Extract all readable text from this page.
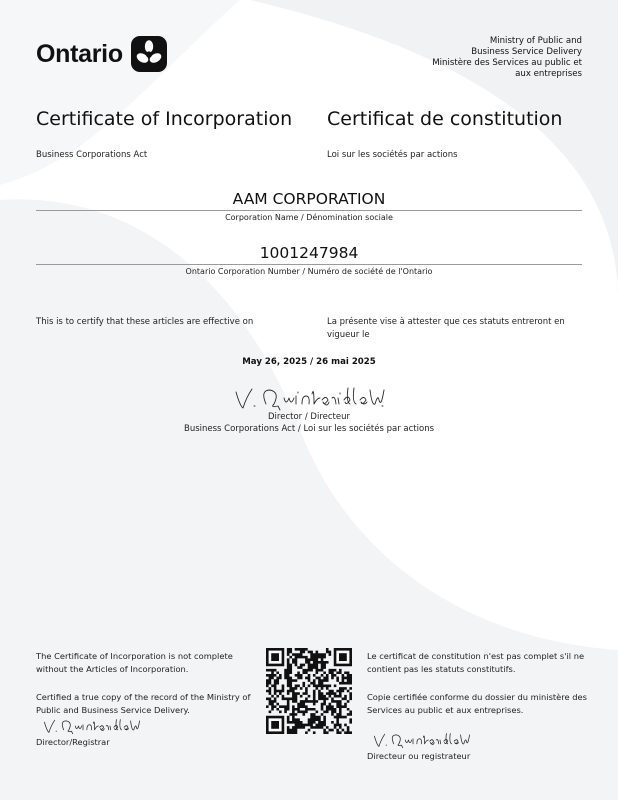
Ontario	Ministry of Public and
Business Service Delivery
Ministère des Services au public et
aux entreprises
Certificate of Incorporation Certificat de constitution
Business Corporations Act	Loi sur les sociétés par actions
AAM CORPORATION
Corporation Name / Dénomination sociale
1001247984
Ontario Corporation Number / Numéro de société de l'Ontario
This is to certify that these articles are effective on	La présente vise à attester que ces statuts entreront en vigueur le
May 26, 2025 / 26 mai 2025
Director / Directeur
Business Corporations Act / Loi sur les sociétés par actions
The Certificate of Incorporation is not complete without the Articles of Incorporation.
Certified a true copy of the record of the Ministry of Public and Business Service Delivery.
Director/Registrar
Le certificat de constitution n'est pas complet s'il ne contient pas les statuts constitutifs.
Copie certifiée conforme du dossier du ministère des Services au public et aux entreprises.
Directeur ou registrateur
